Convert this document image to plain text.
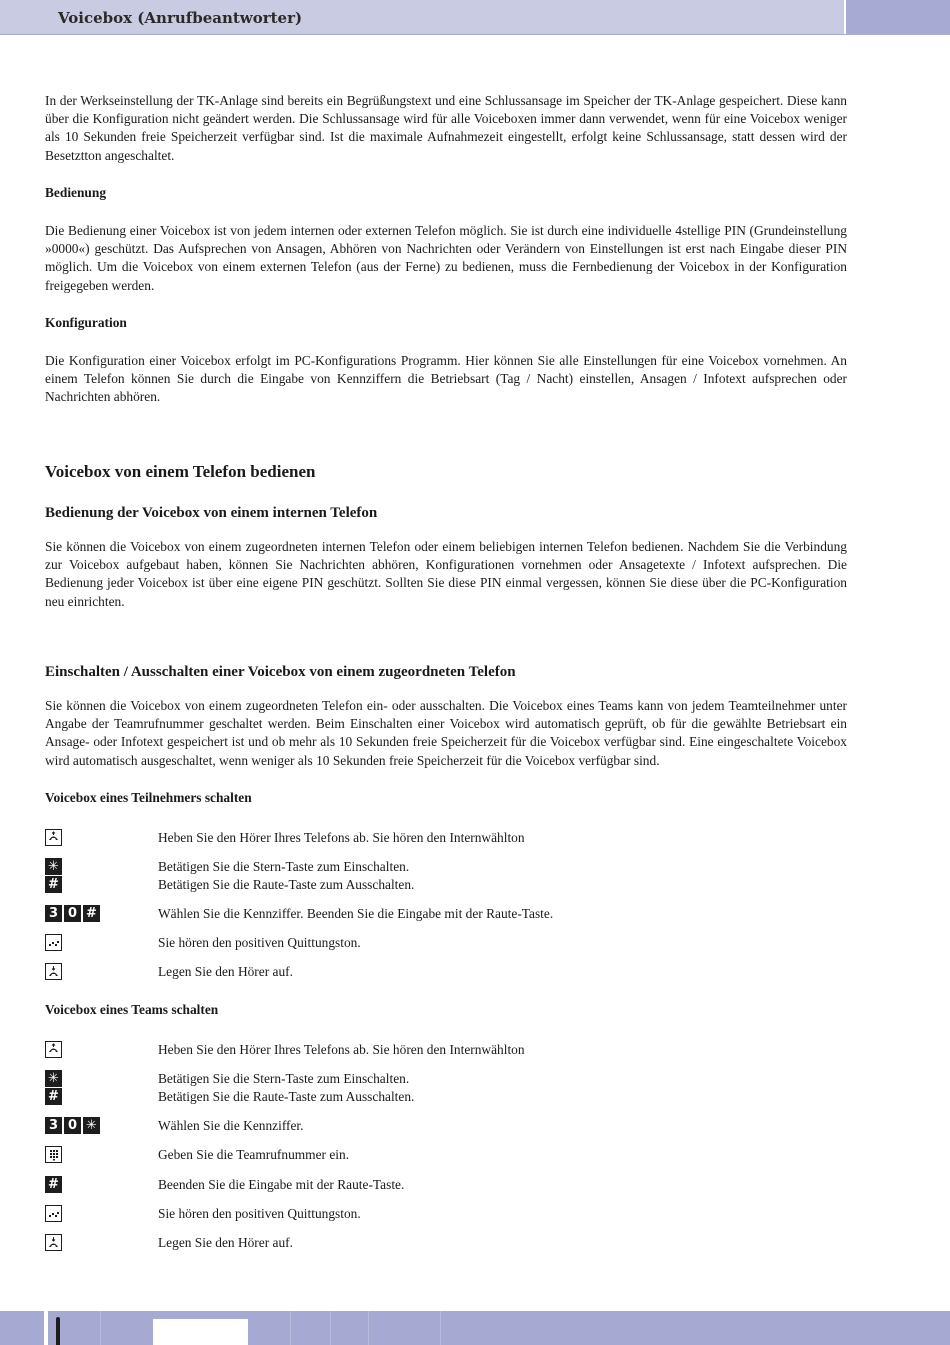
Voicebox (Anrufbeantworter)

In der Werkseinstellung der TK-Anlage sind bereits ein Begrüßungstext und eine Schlussansage im Speicher der TK-Anlage gespeichert. Diese kann über die Konfiguration nicht geändert werden. Die Schlussansage wird für alle Voiceboxen immer dann verwendet, wenn für eine Voicebox weniger als 10 Sekunden freie Speicherzeit verfügbar sind. Ist die maximale Aufnahmezeit eingestellt, erfolgt keine Schlussansage, statt dessen wird der Besetztton angeschaltet.

Bedienung

Die Bedienung einer Voicebox ist von jedem internen oder externen Telefon möglich. Sie ist durch eine individuelle 4stellige PIN (Grundeinstellung »0000«) geschützt. Das Aufsprechen von Ansagen, Abhören von Nachrichten oder Verändern von Einstellungen ist erst nach Eingabe dieser PIN möglich. Um die Voicebox von einem externen Telefon (aus der Ferne) zu bedienen, muss die Fernbedienung der Voicebox in der Konfiguration freigegeben werden.

Konfiguration

Die Konfiguration einer Voicebox erfolgt im PC-Konfigurations Programm. Hier können Sie alle Einstellungen für eine Voicebox vornehmen. An einem Telefon können Sie durch die Eingabe von Kennziffern die Betriebsart (Tag / Nacht) einstellen, Ansagen / Infotext aufsprechen oder Nachrichten abhören.

Voicebox von einem Telefon bedienen
Bedienung der Voicebox von einem internen Telefon

Sie können die Voicebox von einem zugeordneten internen Telefon oder einem beliebigen internen Telefon bedienen. Nachdem Sie die Verbindung zur Voicebox aufgebaut haben, können Sie Nachrichten abhören, Konfigurationen vornehmen oder Ansagetexte / Infotext aufsprechen. Die Bedienung jeder Voicebox ist über eine eigene PIN geschützt. Sollten Sie diese PIN einmal vergessen, können Sie diese über die PC-Konfiguration neu einrichten.

Einschalten / Ausschalten einer Voicebox von einem zugeordneten Telefon

Sie können die Voicebox von einem zugeordneten Telefon ein- oder ausschalten. Die Voicebox eines Teams kann von jedem Teamteilnehmer unter Angabe der Teamrufnummer geschaltet werden. Beim Einschalten einer Voicebox wird automatisch geprüft, ob für die gewählte Betriebsart ein Ansage- oder Infotext gespeichert ist und ob mehr als 10 Sekunden freie Speicherzeit für die Voicebox verfügbar sind. Eine eingeschaltete Voicebox wird automatisch ausgeschaltet, wenn weniger als 10 Sekunden freie Speicherzeit für die Voicebox verfügbar sind.

Voicebox eines Teilnehmers schalten

Heben Sie den Hörer Ihres Telefons ab. Sie hören den Internwählton
✳	Betätigen Sie die Stern-Taste zum Einschalten.
#	Betätigen Sie die Raute-Taste zum Ausschalten.
3 0 #	Wählen Sie die Kennziffer. Beenden Sie die Eingabe mit der Raute-Taste.
Sie hören den positiven Quittungston.
Legen Sie den Hörer auf.

Voicebox eines Teams schalten

Heben Sie den Hörer Ihres Telefons ab. Sie hören den Internwählton
✳	Betätigen Sie die Stern-Taste zum Einschalten.
#	Betätigen Sie die Raute-Taste zum Ausschalten.
3 0 ✳	Wählen Sie die Kennziffer.
Geben Sie die Teamrufnummer ein.
#	Beenden Sie die Eingabe mit der Raute-Taste.
Sie hören den positiven Quittungston.
Legen Sie den Hörer auf.
